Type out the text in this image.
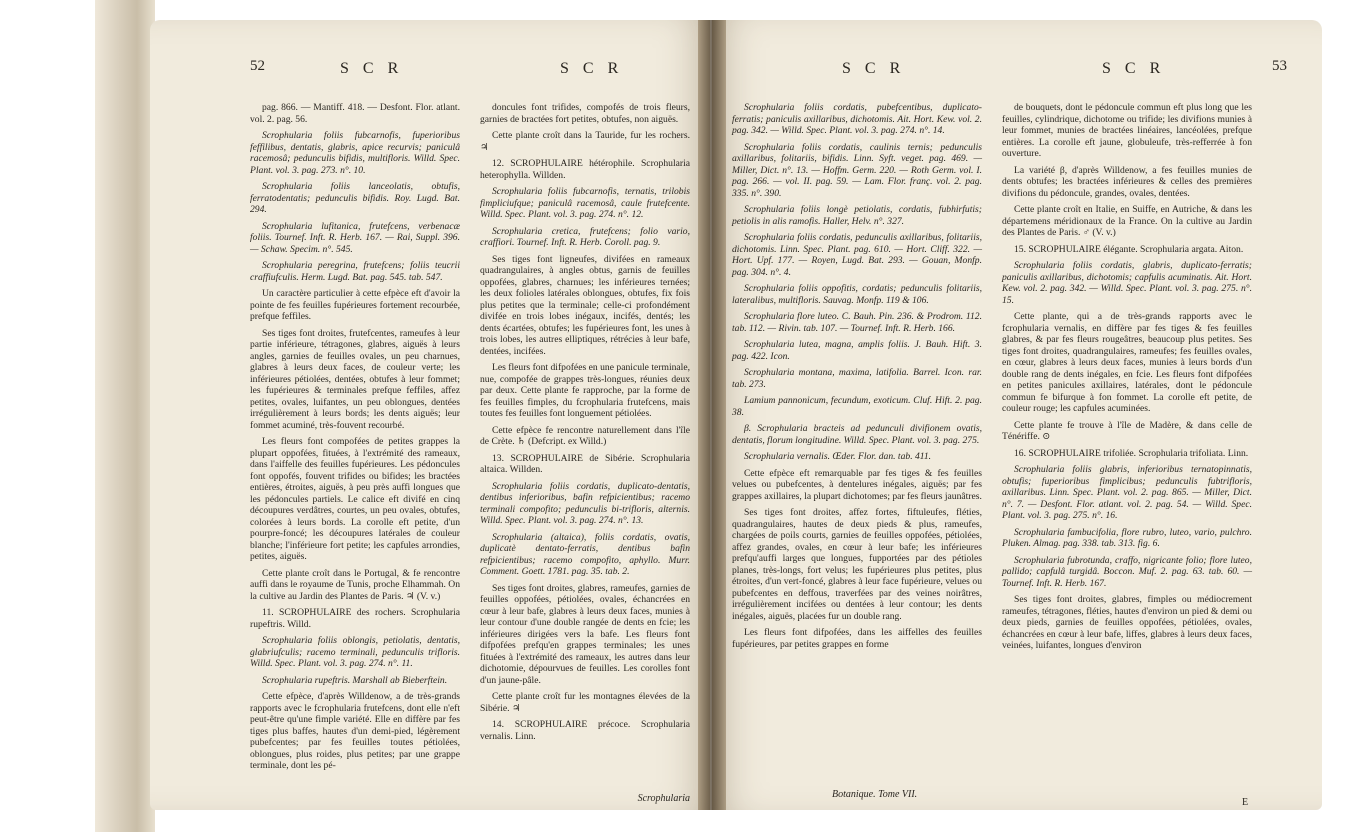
52	S C R	S C R

pag. 866. — Mantiff. 418. — Desfont. Flor. atlant. vol. 2. pag. 56.

Scrophularia foliis fubcarnofis, fuperioribus feffilibus, dentatis, glabris, apice recurvis; paniculâ racemosâ; pedunculis bifidis, multifloris. Willd. Spec. Plant. vol. 3. pag. 273. n°. 10.

Scrophularia foliis lanceolatis, obtufis, ferratodentatis; pedunculis bifidis. Roy. Lugd. Bat. 294.

Scrophularia lufitanica, frutefcens, verbenacæ foliis. Tournef. Inft. R. Herb. 167. — Rai, Suppl. 396. — Schaw. Specim. n°. 545.

Scrophularia peregrina, frutefcens; foliis teucrii craffiufculis. Herm. Lugd. Bat. pag. 545. tab. 547.

Un caractère particulier à cette efpèce eft d'avoir la pointe de fes feuilles fupérieures fortement recourbée, prefque feffiles.

Ses tiges font droites, frutefcentes, rameufes à leur partie inférieure, tétragones, glabres, aiguës à leurs angles, garnies de feuilles ovales, un peu charnues, glabres à leurs deux faces, de couleur verte; les inférieures pétiolées, dentées, obtufes à leur fommet; les fupérieures & terminales prefque feffiles, affez petites, ovales, luifantes, un peu oblongues, dentées irrégulièrement à leurs bords; les dents aiguës; leur fommet acuminé, très-fouvent recourbé.

Les fleurs font compofées de petites grappes la plupart oppofées, fituées, à l'extrémité des rameaux, dans l'aiffelle des feuilles fupérieures. Les pédoncules font oppofés, fouvent trifides ou bifides; les bractées entières, étroites, aiguës, à peu près auffi longues que les pédoncules partiels. Le calice eft divifé en cinq découpures verdâtres, courtes, un peu ovales, obtufes, colorées à leurs bords. La corolle eft petite, d'un pourpre-foncé; les découpures latérales de couleur blanche; l'inférieure fort petite; les capfules arrondies, petites, aiguës.

Cette plante croît dans le Portugal, & fe rencontre auffi dans le royaume de Tunis, proche Elhammah. On la cultive au Jardin des Plantes de Paris. ♃ (V. v.)

11. SCROPHULAIRE des rochers. Scrophularia rupeftris. Willd.

Scrophularia foliis oblongis, petiolatis, dentatis, glabriufculis; racemo terminali, pedunculis trifloris. Willd. Spec. Plant. vol. 3. pag. 274. n°. 11.

Scrophularia rupeftris. Marshall ab Bieberftein.

Cette efpèce, d'après Willdenow, a de très-grands rapports avec le fcrophularia frutefcens, dont elle n'eft peut-être qu'une fimple variété. Elle en diffère par fes tiges plus baffes, hautes d'un demi-pied, légèrement pubefcentes; par fes feuilles toutes pétiolées, oblongues, plus roides, plus petites; par une grappe terminale, dont les pé-

doncules font trifides, compofés de trois fleurs, garnies de bractées fort petites, obtufes, non aiguës.

Cette plante croît dans la Tauride, fur les rochers. ♃

12. SCROPHULAIRE hétérophile. Scrophularia heterophylla. Willden.

Scrophularia foliis fubcarnofis, ternatis, trilobis fimpliciufque; paniculâ racemosâ, caule frutefcente. Willd. Spec. Plant. vol. 3. pag. 274. n°. 12.

Scrophularia cretica, frutefcens; folio vario, craffiori. Tournef. Inft. R. Herb. Coroll. pag. 9.

Ses tiges font ligneufes, divifées en rameaux quadrangulaires, à angles obtus, garnis de feuilles oppofées, glabres, charnues; les inférieures ternées; les deux folioles latérales oblongues, obtufes, fix fois plus petites que la terminale; celle-ci profondément divifée en trois lobes inégaux, incifés, dentés; les dents écartées, obtufes; les fupérieures font, les unes à trois lobes, les autres elliptiques, rétrécies à leur bafe, dentées, incifées.

Les fleurs font difpofées en une panicule terminale, nue, compofée de grappes très-longues, réunies deux par deux. Cette plante fe rapproche, par la forme de fes feuilles fimples, du fcrophularia frutefcens, mais toutes fes feuilles font longuement pétiolées.

Cette efpèce fe rencontre naturellement dans l'île de Crète. ♄ (Defcript. ex Willd.)

13. SCROPHULAIRE de Sibérie. Scrophularia altaica. Willden.

Scrophularia foliis cordatis, duplicato-dentatis, dentibus inferioribus, bafin refpicientibus; racemo terminali compofito; pedunculis bi-trifloris, alternis. Willd. Spec. Plant. vol. 3. pag. 274. n°. 13.

Scrophularia (altaica), foliis cordatis, ovatis, duplicatè dentato-ferratis, dentibus bafin refpicientibus; racemo compofito, aphyllo. Murr. Comment. Goett. 1781. pag. 35. tab. 2.

Ses tiges font droites, glabres, rameufes, garnies de feuilles oppofées, pétiolées, ovales, échancrées en cœur à leur bafe, glabres à leurs deux faces, munies à leur contour d'une double rangée de dents en fcie; les inférieures dirigées vers la bafe. Les fleurs font difpofées prefqu'en grappes terminales; les unes fituées à l'extrémité des rameaux, les autres dans leur dichotomie, dépourvues de feuilles. Les corolles font d'un jaune-pâle.

Cette plante croît fur les montagnes élevées de la Sibérie. ♃

14. SCROPHULAIRE précoce. Scrophularia vernalis. Linn.

Scrophularia
S C R	S C R	53

Scrophularia foliis cordatis, pubefcentibus, duplicato-ferratis; paniculis axillaribus, dichotomis. Ait. Hort. Kew. vol. 2. pag. 342. — Willd. Spec. Plant. vol. 3. pag. 274. n°. 14.

Scrophularia foliis cordatis, caulinis ternis; pedunculis axillaribus, folitariis, bifidis. Linn. Syft. veget. pag. 469. — Miller, Dict. n°. 13. — Hoffm. Germ. 220. — Roth Germ. vol. I. pag. 266. — vol. II. pag. 59. — Lam. Flor. franç. vol. 2. pag. 335. n°. 390.

Scrophularia foliis longè petiolatis, cordatis, fubhirfutis; petiolis in alis ramofis. Haller, Helv. n°. 327.

Scrophularia foliis cordatis, pedunculis axillaribus, folitariis, dichotomis. Linn. Spec. Plant. pag. 610. — Hort. Cliff. 322. — Hort. Upf. 177. — Royen, Lugd. Bat. 293. — Gouan, Monfp. pag. 304. n°. 4.

Scrophularia foliis oppofitis, cordatis; pedunculis folitariis, lateralibus, multifloris. Sauvag. Monfp. 119 & 106.

Scrophularia flore luteo. C. Bauh. Pin. 236. & Prodrom. 112. tab. 112. — Rivin. tab. 107. — Tournef. Inft. R. Herb. 166.

Scrophularia lutea, magna, amplis foliis. J. Bauh. Hift. 3. pag. 422. Icon.

Scrophularia montana, maxima, latifolia. Barrel. Icon. rar. tab. 273.

Lamium pannonicum, fecundum, exoticum. Cluf. Hift. 2. pag. 38.

β. Scrophularia bracteis ad pedunculi divifionem ovatis, dentatis, florum longitudine. Willd. Spec. Plant. vol. 3. pag. 275.

Scrophularia vernalis. Œder. Flor. dan. tab. 411.

Cette efpèce eft remarquable par fes tiges & fes feuilles velues ou pubefcentes, à dentelures inégales, aiguës; par fes grappes axillaires, la plupart dichotomes; par fes fleurs jaunâtres.

Ses tiges font droites, affez fortes, fiftuleufes, fléties, quadrangulaires, hautes de deux pieds & plus, rameufes, chargées de poils courts, garnies de feuilles oppofées, pétiolées, affez grandes, ovales, en cœur à leur bafe; les inférieures prefqu'auffi larges que longues, fupportées par des pétioles planes, très-longs, fort velus; les fupérieures plus petites, plus étroites, d'un vert-foncé, glabres à leur face fupérieure, velues ou pubefcentes en deffous, traverfées par des veines noirâtres, irrégulièrement incifées ou dentées à leur contour; les dents inégales, aiguës, placées fur un double rang.

Les fleurs font difpofées, dans les aiffelles des feuilles fupérieures, par petites grappes en forme

Botanique. Tome VII.

de bouquets, dont le pédoncule commun eft plus long que les feuilles, cylindrique, dichotome ou trifide; les divifions munies à leur fommet, munies de bractées linéaires, lancéolées, prefque entières. La corolle eft jaune, globuleufe, très-refferrée à fon ouverture.

La variété β, d'après Willdenow, a fes feuilles munies de dents obtufes; les bractées inférieures & celles des premières divifions du pédoncule, grandes, ovales, dentées.

Cette plante croît en Italie, en Suiffe, en Autriche, & dans les départemens méridionaux de la France. On la cultive au Jardin des Plantes de Paris. ♂ (V. v.)

15. SCROPHULAIRE élégante. Scrophularia argata. Aiton.

Scrophularia foliis cordatis, glabris, duplicato-ferratis; paniculis axillaribus, dichotomis; capfulis acuminatis. Ait. Hort. Kew. vol. 2. pag. 342. — Willd. Spec. Plant. vol. 3. pag. 275. n°. 15.

Cette plante, qui a de très-grands rapports avec le fcrophularia vernalis, en diffère par fes tiges & fes feuilles glabres, & par fes fleurs rougeâtres, beaucoup plus petites. Ses tiges font droites, quadrangulaires, rameufes; fes feuilles ovales, en cœur, glabres à leurs deux faces, munies à leurs bords d'un double rang de dents inégales, en fcie. Les fleurs font difpofées en petites panicules axillaires, latérales, dont le pédoncule commun fe bifurque à fon fommet. La corolle eft petite, de couleur rouge; les capfules acuminées.

Cette plante fe trouve à l'île de Madère, & dans celle de Ténériffe. ⊙

16. SCROPHULAIRE trifoliée. Scrophularia trifoliata. Linn.

Scrophularia foliis glabris, inferioribus ternatopinnatis, obtufis; fuperioribus fimplicibus; pedunculis fubtrifloris, axillaribus. Linn. Spec. Plant. vol. 2. pag. 865. — Miller, Dict. n°. 7. — Desfont. Flor. atlant. vol. 2. pag. 54. — Willd. Spec. Plant. vol. 3. pag. 275. n°. 16.

Scrophularia fambucifolia, flore rubro, luteo, vario, pulchro. Pluken. Almag. pag. 338. tab. 313. fig. 6.

Scrophularia fubrotunda, craffo, nigricante folio; flore luteo, pallido; capfulâ turgidâ. Boccon. Muf. 2. pag. 63. tab. 60. — Tournef. Inft. R. Herb. 167.

Ses tiges font droites, glabres, fimples ou médiocrement rameufes, tétragones, fléties, hautes d'environ un pied & demi ou deux pieds, garnies de feuilles oppofées, pétiolées, ovales, échancrées en cœur à leur bafe, liffes, glabres à leurs deux faces, veinées, luifantes, longues d'environ

E
